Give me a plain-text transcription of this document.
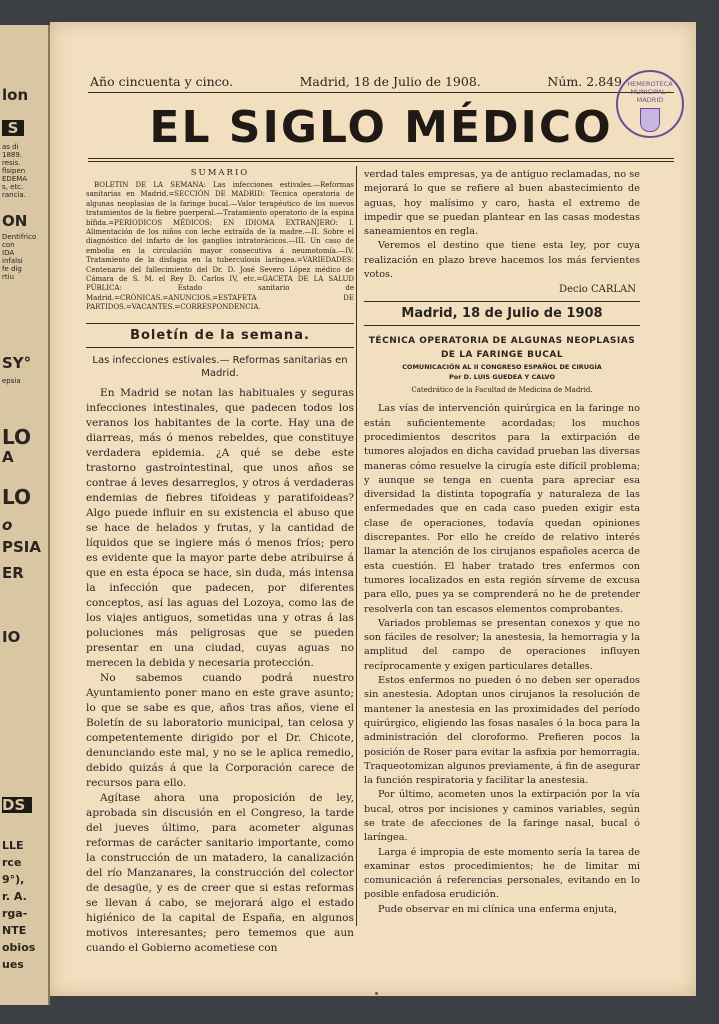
lon
S
as di
1889.
resis.
flsipen
EDEMA
s, etc.
rancia.
ON
Dentifrico
con
IDA
infalsi
fe dig
rtiu
SY°
epsia
LO
A
LO
o
PSIA
ER
IO
DS
LLE
rce
9°),
r. A.
rga-
NTE
obios
ues
Año cincuenta y cinco.	Madrid, 18 de Julio de 1908.	Núm. 2.849
EL SIGLO MÉDICO
HEMEROTECA MUNICIPAL · MADRID
SUMARIO
BOLETIN DE LA SEMANA: Las infecciones estivales.—Reformas sanitarias en Madrid.=SECCIÓN DE MADRID: Técnica operatoria de algunas neoplasias de la faringe bucal.—Valor terapéutico de los nuevos tratamientos de la fiebre puerperal.—Tratamiento operatorio de la espina bífida.=PERIODICOS MÉDICOS: EN IDIOMA EXTRANJERO: I. Alimentación de los niños con leche extraída de la madre.—II. Sobre el diagnóstico del infarto de los ganglios intratorácicos.—III. Un caso de embolia en la circulación mayor consecutiva á neumotomía.—IV. Tratamiento de la disfagia en la tuberculosis laríngea.=VARIEDADES: Centenario del fallecimiento del Dr. D. José Severo López médico de Cámara de S. M. el Rey D. Carlos IV, etc.=GACETA DE LA SALUD PÚBLICA: Estado sanitario de Madrid.=CRÓNICAS.=ANUNCIOS.=ESTAFETA DE PARTIDOS.=VACANTES.=CORRESPONDENCIA.
Boletín de la semana.
Las infecciones estivales.— Reformas sanitarias en Madrid.

En Madrid se notan las habituales y seguras infecciones intestinales, que padecen todos los veranos los habitantes de la corte. Hay una de diarreas, más ó menos rebeldes, que constituye verdadera epidemia. ¿A qué se debe este trastorno gastrointestinal, que unos años se contrae á leves desarreglos, y otros á verdaderas endemias de fiebres tifoideas y paratifoideas? Algo puede influir en su existencia el abuso que se hace de helados y frutas, y la cantidad de líquidos que se ingiere más ó menos fríos; pero es evidente que la mayor parte debe atribuirse á que en esta época se hace, sin duda, más intensa la infección que padecen, por diferentes conceptos, así las aguas del Lozoya, como las de los viajes antiguos, sometidas una y otras á las poluciones más peligrosas que se pueden presentar en una ciudad, cuyas aguas no merecen la debida y necesaria protección.

No sabemos cuando podrá nuestro Ayuntamiento poner mano en este grave asunto; lo que se sabe es que, años tras años, viene el Boletín de su laboratorio municipal, tan celosa y competentemente dirigido por el Dr. Chicote, denunciando este mal, y no se le aplica remedio, debido quizás á que la Corporación carece de recursos para ello.

Agítase ahora una proposición de ley, aprobada sin discusión en el Congreso, la tarde del jueves último, para acometer algunas reformas de carácter sanitario importante, como la construcción de un matadero, la canalización del río Manzanares, la construcción del colector de desagüe, y es de creer que si estas reformas se llevan á cabo, se mejorará algo el estado higiénico de la capital de España, en algunos motivos interesantes; pero tememos que aun cuando el Gobierno acometiese con

verdad tales empresas, ya de antiguo reclamadas, no se mejorará lo que se refiere al buen abastecimiento de aguas, hoy malísimo y caro, hasta el extremo de impedir que se puedan plantear en las casas modestas saneamientos en regla.

Veremos el destino que tiene esta ley, por cuya realización en plazo breve hacemos los más fervientes votos.

Decio CARLAN
Madrid, 18 de Julio de 1908
TÉCNICA OPERATORIA DE ALGUNAS NEOPLASIAS
DE LA FARINGE BUCAL
COMUNICACIÓN AL II CONGRESO ESPAÑOL DE CIRUGÍA
Por D. LUIS GUEDEA Y CALVO
Catedrático de la Facultad de Medicina de Madrid.

Las vías de intervención quirúrgica en la faringe no están suficientemente acordadas; los muchos procedimientos descritos para la extirpación de tumores alojados en dicha cavidad prueban las diversas maneras cómo resuelve la cirugía este difícil problema; y aunque se tenga en cuenta para apreciar esa diversidad la distinta topografía y naturaleza de las enfermedades que en cada caso pueden exigir esta clase de operaciones, todavía quedan opiniones discrepantes. Por ello he creído de relativo interés llamar la atención de los cirujanos españoles acerca de esta cuestión. El haber tratado tres enfermos con tumores localizados en esta región sírveme de excusa para ello, pues ya se comprenderá no he de pretender resolverla con tan escasos elementos comprobantes.

Variados problemas se presentan conexos y que no son fáciles de resolver; la anestesia, la hemorragia y la amplitud del campo de operaciones influyen recíprocamente y exigen particulares detalles.

Estos enfermos no pueden ó no deben ser operados sin anestesia. Adoptan unos cirujanos la resolución de mantener la anestesia en las proximidades del período quirúrgico, eligiendo las fosas nasales ó la boca para la administración del cloroformo. Prefieren pocos la posición de Roser para evitar la asfixia por hemorragia. Traqueotomizan algunos previamente, á fin de asegurar la función respiratoria y facilitar la anestesia.

Por último, acometen unos la extirpación por la vía bucal, otros por incisiones y caminos variables, según se trate de afecciones de la faringe nasal, bucal ó laríngea.

Larga é impropia de este momento sería la tarea de examinar estos procedimientos; he de limitar mi comunicación á referencias personales, evitando en lo posible enfadosa erudición.

Pude observar en mi clínica una enferma enjuta,
